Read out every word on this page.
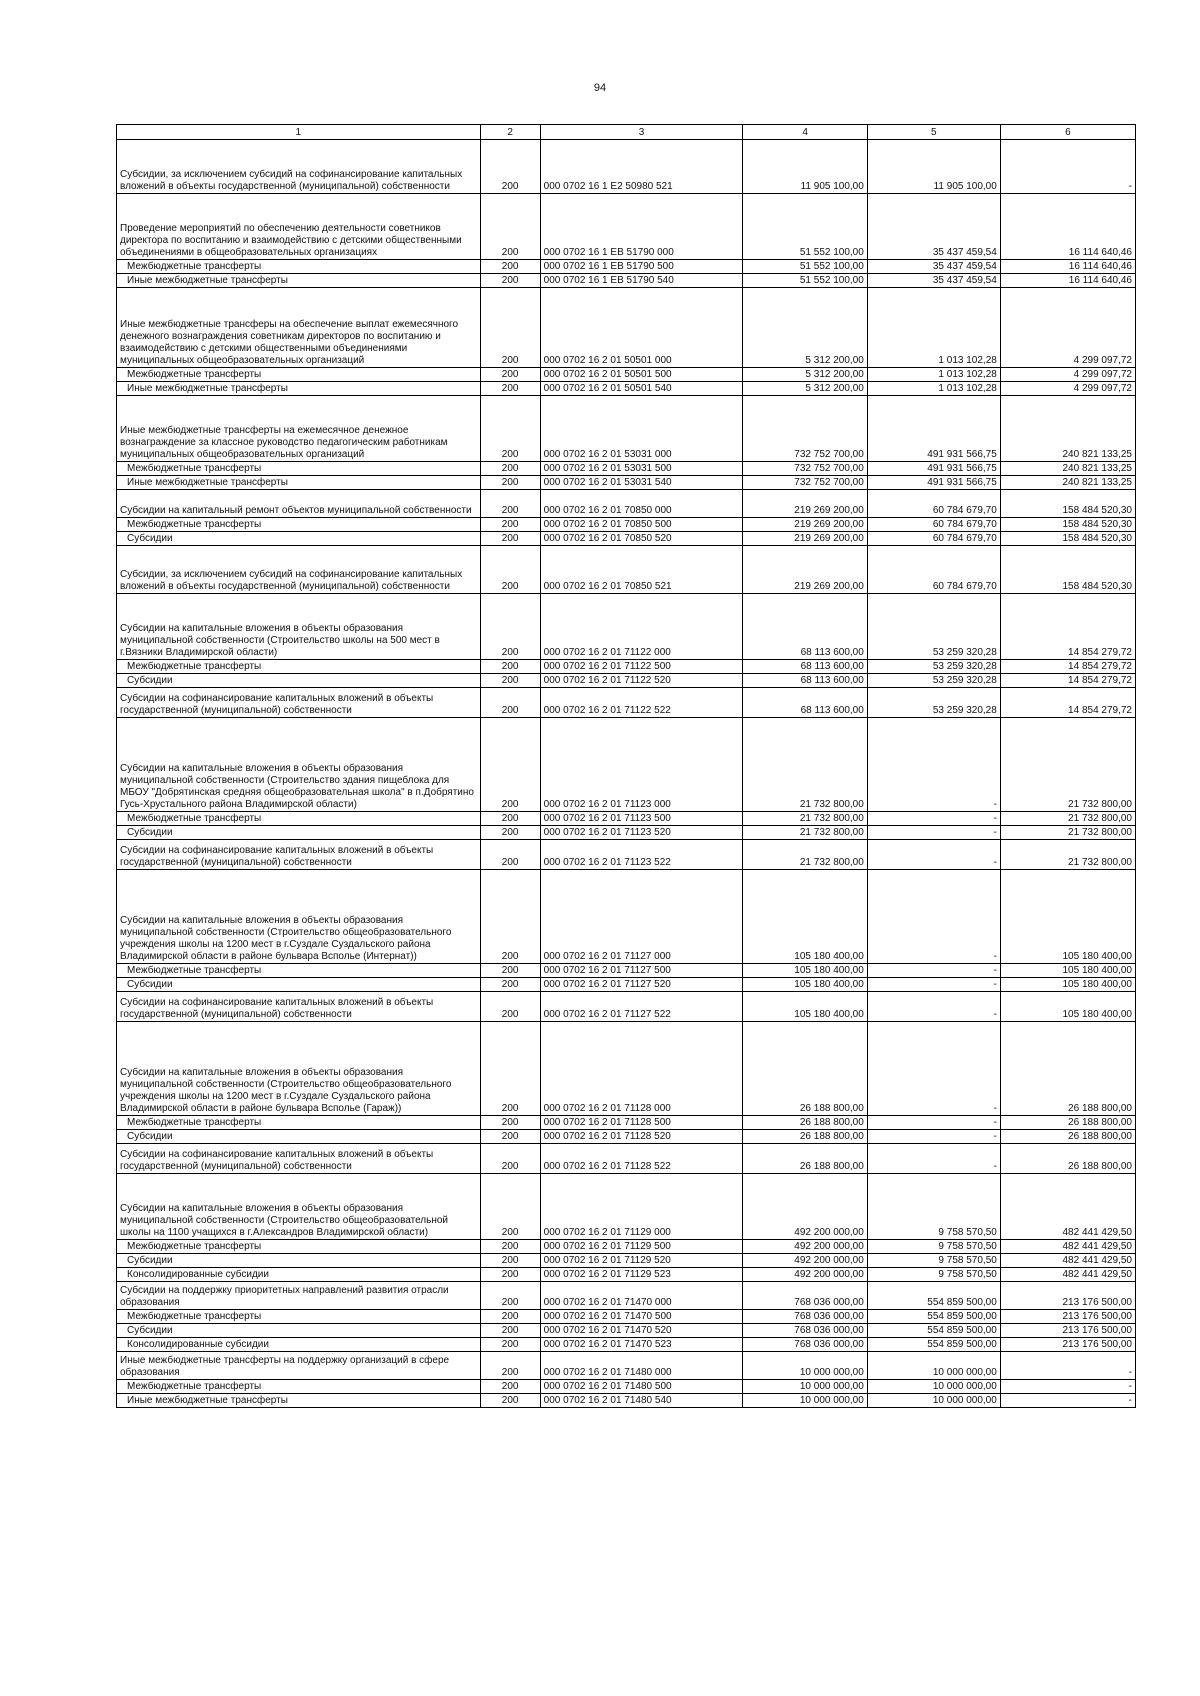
94
1	2	3	4	5	6
Субсидии, за исключением субсидий на софинансирование капитальных вложений в объекты государственной (муниципальной) собственности	200	000 0702 16 1 Е2 50980 521	11 905 100,00	11 905 100,00	-
Проведение мероприятий по обеспечению деятельности советников директора по воспитанию и взаимодействию с детскими общественными объединениями в общеобразовательных организациях	200	000 0702 16 1 ЕВ 51790 000	51 552 100,00	35 437 459,54	16 114 640,46
Межбюджетные трансферты	200	000 0702 16 1 ЕВ 51790 500	51 552 100,00	35 437 459,54	16 114 640,46
Иные межбюджетные трансферты	200	000 0702 16 1 ЕВ 51790 540	51 552 100,00	35 437 459,54	16 114 640,46
Иные межбюджетные трансферы на обеспечение выплат ежемесячного денежного вознаграждения советникам директоров по воспитанию и взаимодействию с детскими общественными объединениями муниципальных общеобразовательных организаций	200	000 0702 16 2 01 50501 000	5 312 200,00	1 013 102,28	4 299 097,72
Межбюджетные трансферты	200	000 0702 16 2 01 50501 500	5 312 200,00	1 013 102,28	4 299 097,72
Иные межбюджетные трансферты	200	000 0702 16 2 01 50501 540	5 312 200,00	1 013 102,28	4 299 097,72
Иные межбюджетные трансферты на ежемесячное денежное вознаграждение за классное руководство педагогическим работникам муниципальных общеобразовательных организаций	200	000 0702 16 2 01 53031 000	732 752 700,00	491 931 566,75	240 821 133,25
Межбюджетные трансферты	200	000 0702 16 2 01 53031 500	732 752 700,00	491 931 566,75	240 821 133,25
Иные межбюджетные трансферты	200	000 0702 16 2 01 53031 540	732 752 700,00	491 931 566,75	240 821 133,25
Субсидии на капитальный ремонт объектов муниципальной собственности	200	000 0702 16 2 01 70850 000	219 269 200,00	60 784 679,70	158 484 520,30
Межбюджетные трансферты	200	000 0702 16 2 01 70850 500	219 269 200,00	60 784 679,70	158 484 520,30
Субсидии	200	000 0702 16 2 01 70850 520	219 269 200,00	60 784 679,70	158 484 520,30
Субсидии, за исключением субсидий на софинансирование капитальных вложений в объекты государственной (муниципальной) собственности	200	000 0702 16 2 01 70850 521	219 269 200,00	60 784 679,70	158 484 520,30
Субсидии на капитальные вложения в объекты образования муниципальной собственности (Строительство школы на 500 мест в г.Вязники Владимирской области)	200	000 0702 16 2 01 71122 000	68 113 600,00	53 259 320,28	14 854 279,72
Межбюджетные трансферты	200	000 0702 16 2 01 71122 500	68 113 600,00	53 259 320,28	14 854 279,72
Субсидии	200	000 0702 16 2 01 71122 520	68 113 600,00	53 259 320,28	14 854 279,72
Субсидии на софинансирование капитальных вложений в объекты государственной (муниципальной) собственности	200	000 0702 16 2 01 71122 522	68 113 600,00	53 259 320,28	14 854 279,72
Субсидии на капитальные вложения в объекты образования муниципальной собственности (Строительство здания пищеблока для МБОУ "Добрятинская средняя общеобразовательная школа" в п.Добрятино Гусь-Хрустального района Владимирской области)	200	000 0702 16 2 01 71123 000	21 732 800,00	-	21 732 800,00
Межбюджетные трансферты	200	000 0702 16 2 01 71123 500	21 732 800,00	-	21 732 800,00
Субсидии	200	000 0702 16 2 01 71123 520	21 732 800,00	-	21 732 800,00
Субсидии на софинансирование капитальных вложений в объекты государственной (муниципальной) собственности	200	000 0702 16 2 01 71123 522	21 732 800,00	-	21 732 800,00
Субсидии на капитальные вложения в объекты образования муниципальной собственности (Строительство общеобразовательного учреждения школы на 1200 мест в г.Суздале Суздальского района Владимирской области в районе бульвара Всполье (Интернат))	200	000 0702 16 2 01 71127 000	105 180 400,00	-	105 180 400,00
Межбюджетные трансферты	200	000 0702 16 2 01 71127 500	105 180 400,00	-	105 180 400,00
Субсидии	200	000 0702 16 2 01 71127 520	105 180 400,00	-	105 180 400,00
Субсидии на софинансирование капитальных вложений в объекты государственной (муниципальной) собственности	200	000 0702 16 2 01 71127 522	105 180 400,00	-	105 180 400,00
Субсидии на капитальные вложения в объекты образования муниципальной собственности (Строительство общеобразовательного учреждения школы на 1200 мест в г.Суздале Суздальского района Владимирской области в районе бульвара Всполье (Гараж))	200	000 0702 16 2 01 71128 000	26 188 800,00	-	26 188 800,00
Межбюджетные трансферты	200	000 0702 16 2 01 71128 500	26 188 800,00	-	26 188 800,00
Субсидии	200	000 0702 16 2 01 71128 520	26 188 800,00	-	26 188 800,00
Субсидии на софинансирование капитальных вложений в объекты государственной (муниципальной) собственности	200	000 0702 16 2 01 71128 522	26 188 800,00	-	26 188 800,00
Субсидии на капитальные вложения в объекты образования муниципальной собственности (Строительство общеобразовательной школы на 1100 учащихся в г.Александров Владимирской области)	200	000 0702 16 2 01 71129 000	492 200 000,00	9 758 570,50	482 441 429,50
Межбюджетные трансферты	200	000 0702 16 2 01 71129 500	492 200 000,00	9 758 570,50	482 441 429,50
Субсидии	200	000 0702 16 2 01 71129 520	492 200 000,00	9 758 570,50	482 441 429,50
Консолидированные субсидии	200	000 0702 16 2 01 71129 523	492 200 000,00	9 758 570,50	482 441 429,50
Субсидии на поддержку приоритетных направлений развития отрасли образования	200	000 0702 16 2 01 71470 000	768 036 000,00	554 859 500,00	213 176 500,00
Межбюджетные трансферты	200	000 0702 16 2 01 71470 500	768 036 000,00	554 859 500,00	213 176 500,00
Субсидии	200	000 0702 16 2 01 71470 520	768 036 000,00	554 859 500,00	213 176 500,00
Консолидированные субсидии	200	000 0702 16 2 01 71470 523	768 036 000,00	554 859 500,00	213 176 500,00
Иные межбюджетные трансферты на поддержку организаций в сфере образования	200	000 0702 16 2 01 71480 000	10 000 000,00	10 000 000,00	-
Межбюджетные трансферты	200	000 0702 16 2 01 71480 500	10 000 000,00	10 000 000,00	-
Иные межбюджетные трансферты	200	000 0702 16 2 01 71480 540	10 000 000,00	10 000 000,00	-
